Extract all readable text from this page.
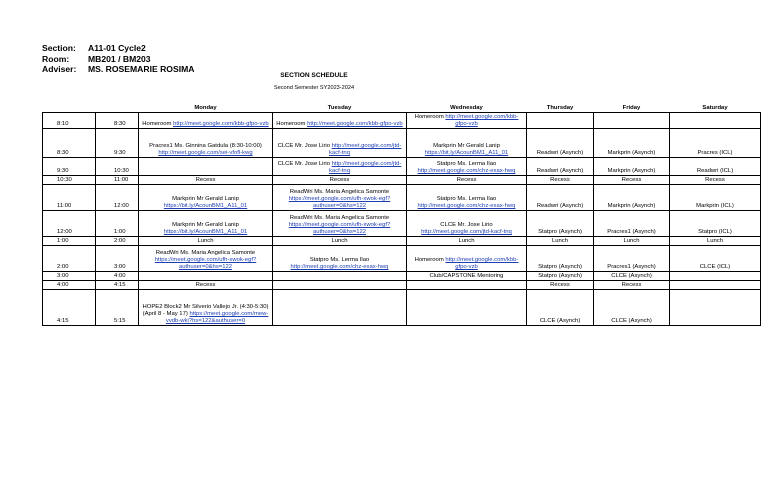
Section:	A11-01 Cycle2
Room:	MB201 / BM203
Adviser:	MS. ROSEMARIE ROSIMA
SECTION SCHEDULE
Second Semester SY2023-2024
		Monday	Tuesday	Wednesday	Thursday	Friday	Saturday
8:10	8:30	Homeroom http://meet.google.com/kbb-gfpo-vzb	Homeroom http://meet.google.com/kbb-gfpo-vzb	Homeroom http://meet.google.com/kbb-gfpo-vzb			
8:30	9:30	Pracres1 Ms. Ginnina Gatdula (8:30-10:00) http://meet.google.com/sei-vfofl-kwg	CLCE Mr. Jose Lirio http://meet.google.com/jtd-kacf-tnq	Markprin Mr Gerald Lanip https://bit.ly/AcounBM1_A11_01	Readwri (Asynch)	Markprin (Asynch)	Pracres (ICL)
9:30	10:30		CLCE Mr. Jose Lirio http://meet.google.com/jtd-kacf-tnq	Statpro Ms. Lerma Ilao http://meet.google.com/chz-exax-hwq	Readwri (Asynch)	Markprin (Asynch)	Readwri (ICL)
10:30	11:00	Recess	Recess	Recess	Recess	Recess	Recess
11:00	12:00	Markprin Mr Gerald Lanip https://bit.ly/AcounBM1_A11_01	ReadWri Ms. Maria Angelica Samonte https://meet.google.com/ufh-xwok-egf?authuser=0&hs=122	Statpro Ms. Lerma Ilao http://meet.google.com/chz-exax-hwq	Readwri (Asynch)	Markprin (Asynch)	Markprin (ICL)
12:00	1:00	Markprin Mr Gerald Lanip https://bit.ly/AcounBM1_A11_01	ReadWri Ms. Maria Angelica Samonte https://meet.google.com/ufh-xwok-egf?authuser=0&hs=122	CLCE Mr. Jose Lirio http://meet.google.com/jtd-kacf-tnq	Statpro (Asynch)	Pracres1 (Asynch)	Statpro (ICL)
1:00	2:00	Lunch	Lunch	Lunch	Lunch	Lunch	Lunch
2:00	3:00	ReadWri Ms. Maria Angelica Samonte https://meet.google.com/ufh-xwok-egf?authuser=0&hs=122	Statpro Ms. Lerma Ilao http://meet.google.com/chz-exax-hwq	Homeroom http://meet.google.com/kbb-gfpo-vzb	Statpro (Asynch)	Pracres1 (Asynch)	CLCE (ICL)
3:00	4:00			Club/CAPSTONE Mentoring	Statpro (Asynch)	CLCE (Asynch)	
4:00	4:15	Recess			Recess	Recess	
4:15	5:15	HOPE2 Block2 Mr Silverio Vallejo Jr. (4:30-5:30) (April 8 - May 17) https://meet.google.com/mew-vvdb-wki?hs=122&authuser=0			CLCE (Asynch)	CLCE (Asynch)	
